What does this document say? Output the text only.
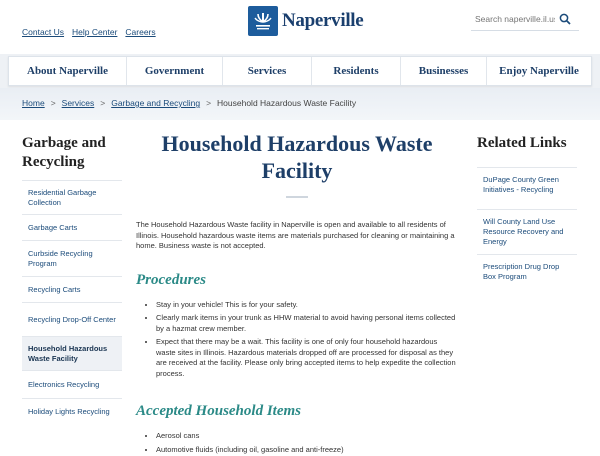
Contact Us Help Center Careers
Naperville
Search naperville.il.us
About Naperville	Government	Services	Residents	Businesses	Enjoy Naperville
Home > Services > Garbage and Recycling > Household Hazardous Waste Facility
Garbage and Recycling
Residential Garbage Collection
Garbage Carts
Curbside Recycling Program
Recycling Carts
Recycling Drop-Off Center
Household Hazardous Waste Facility
Electronics Recycling
Holiday Lights Recycling
Household Hazardous Waste Facility

The Household Hazardous Waste facility in Naperville is open and available to all residents of Illinois. Household hazardous waste items are materials purchased for cleaning or maintaining a home. Business waste is not accepted.

Procedures
• Stay in your vehicle! This is for your safety.
• Clearly mark items in your trunk as HHW material to avoid having personal items collected by a hazmat crew member.
• Expect that there may be a wait. This facility is one of only four household hazardous waste sites in Illinois. Hazardous materials dropped off are processed for disposal as they are received at the facility. Please only bring accepted items to help expedite the collection process.
Accepted Household Items
• Aerosol cans
• Automotive fluids (including oil, gasoline and anti-freeze)
Related Links
DuPage County Green Initiatives - Recycling
Will County Land Use Resource Recovery and Energy
Prescription Drug Drop Box Program
